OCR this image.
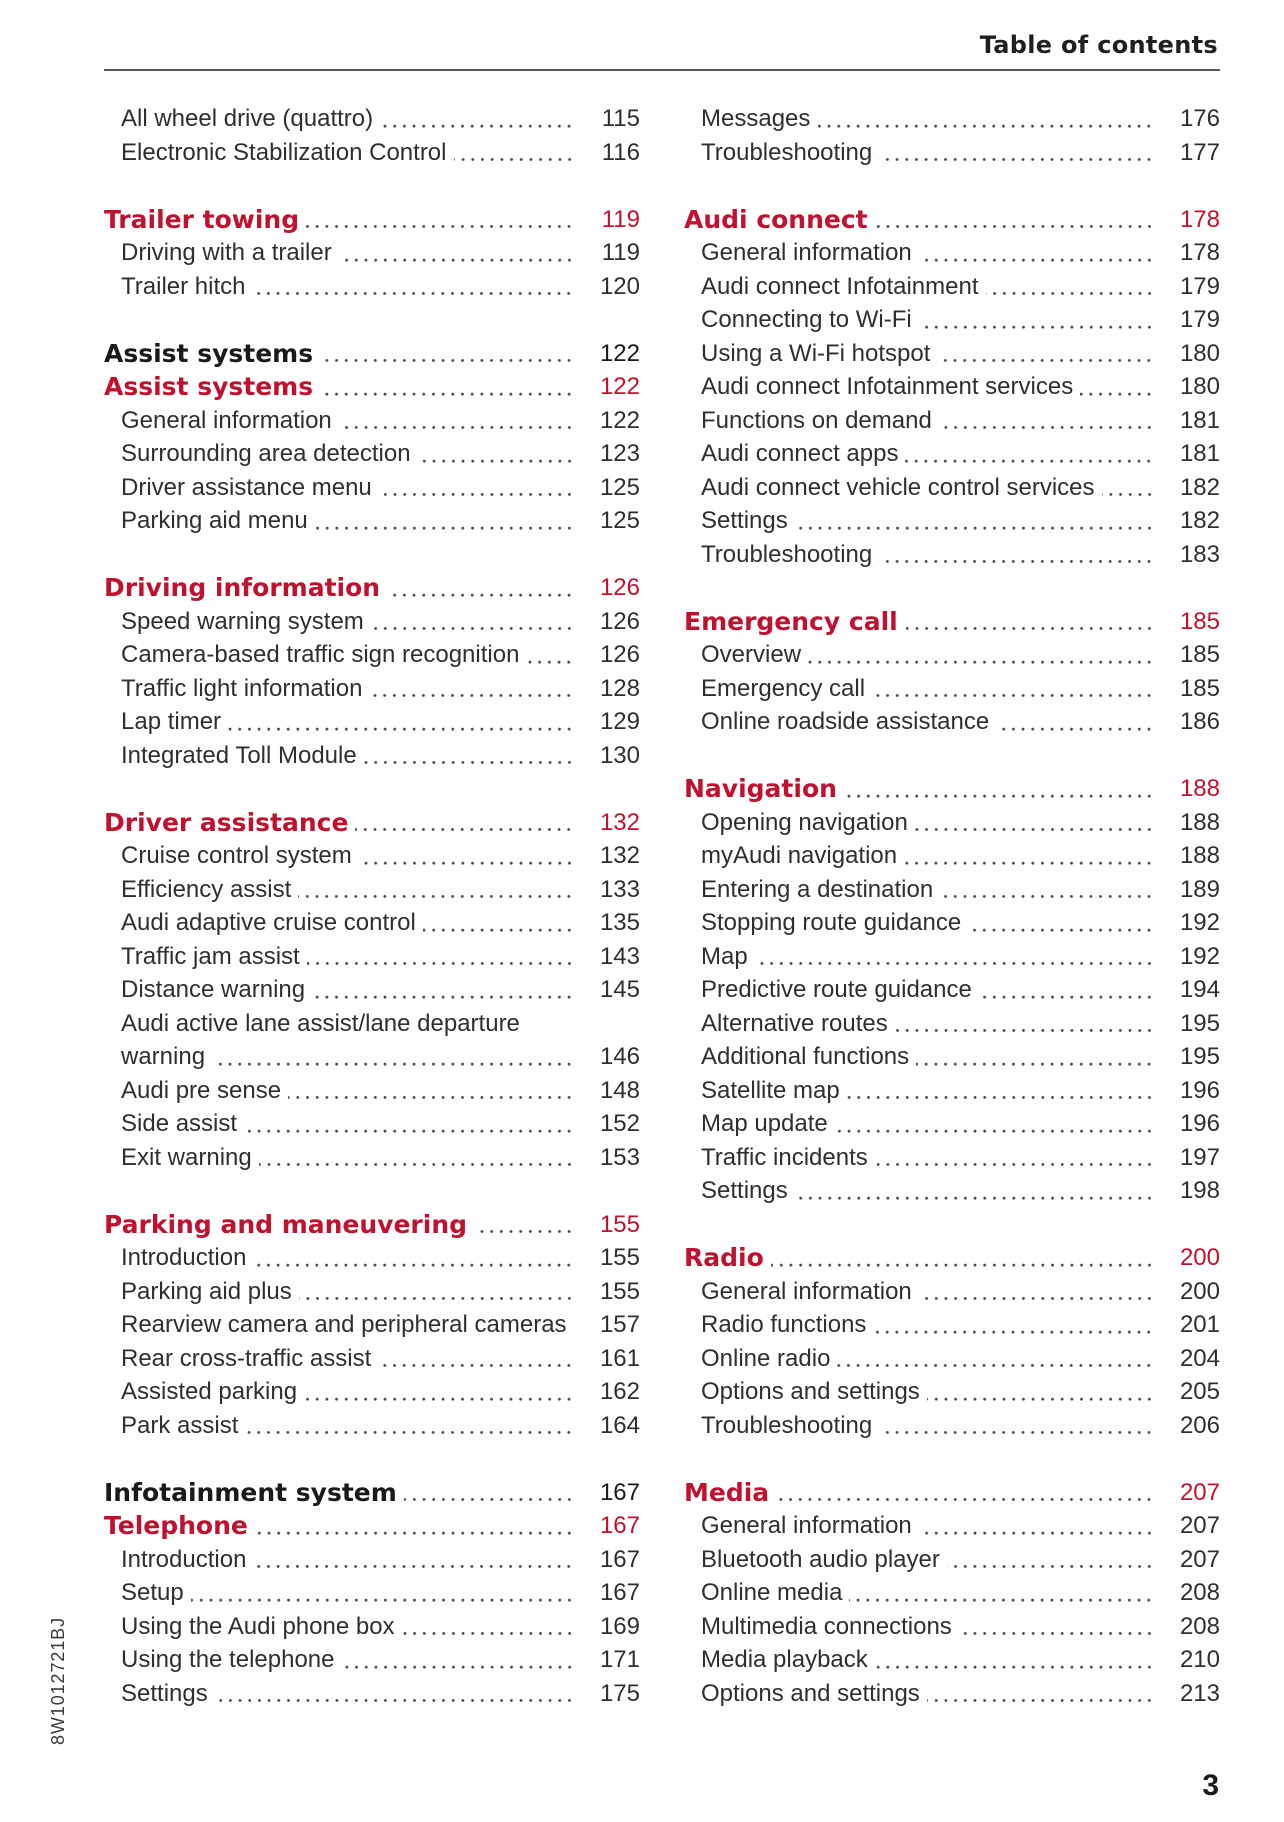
Table of contents
All wheel drive (quattro)	115
Electronic Stabilization Control	116
Trailer towing	119
Driving with a trailer	119
Trailer hitch	120
Assist systems	122
Assist systems	122
General information	122
Surrounding area detection	123
Driver assistance menu	125
Parking aid menu	125
Driving information	126
Speed warning system	126
Camera-based traffic sign recognition	126
Traffic light information	128
Lap timer	129
Integrated Toll Module	130
Driver assistance	132
Cruise control system	132
Efficiency assist	133
Audi adaptive cruise control	135
Traffic jam assist	143
Distance warning	145
Audi active lane assist/lane departure
warning	146
Audi pre sense	148
Side assist	152
Exit warning	153
Parking and maneuvering	155
Introduction	155
Parking aid plus	155
Rearview camera and peripheral cameras	157
Rear cross-traffic assist	161
Assisted parking	162
Park assist	164
Infotainment system	167
Telephone	167
Introduction	167
Setup	167
Using the Audi phone box	169
Using the telephone	171
Settings	175
Messages	176
Troubleshooting	177
Audi connect	178
General information	178
Audi connect Infotainment	179
Connecting to Wi-Fi	179
Using a Wi-Fi hotspot	180
Audi connect Infotainment services	180
Functions on demand	181
Audi connect apps	181
Audi connect vehicle control services	182
Settings	182
Troubleshooting	183
Emergency call	185
Overview	185
Emergency call	185
Online roadside assistance	186
Navigation	188
Opening navigation	188
myAudi navigation	188
Entering a destination	189
Stopping route guidance	192
Map	192
Predictive route guidance	194
Alternative routes	195
Additional functions	195
Satellite map	196
Map update	196
Traffic incidents	197
Settings	198
Radio	200
General information	200
Radio functions	201
Online radio	204
Options and settings	205
Troubleshooting	206
Media	207
General information	207
Bluetooth audio player	207
Online media	208
Multimedia connections	208
Media playback	210
Options and settings	213
8W1012721BJ
3
